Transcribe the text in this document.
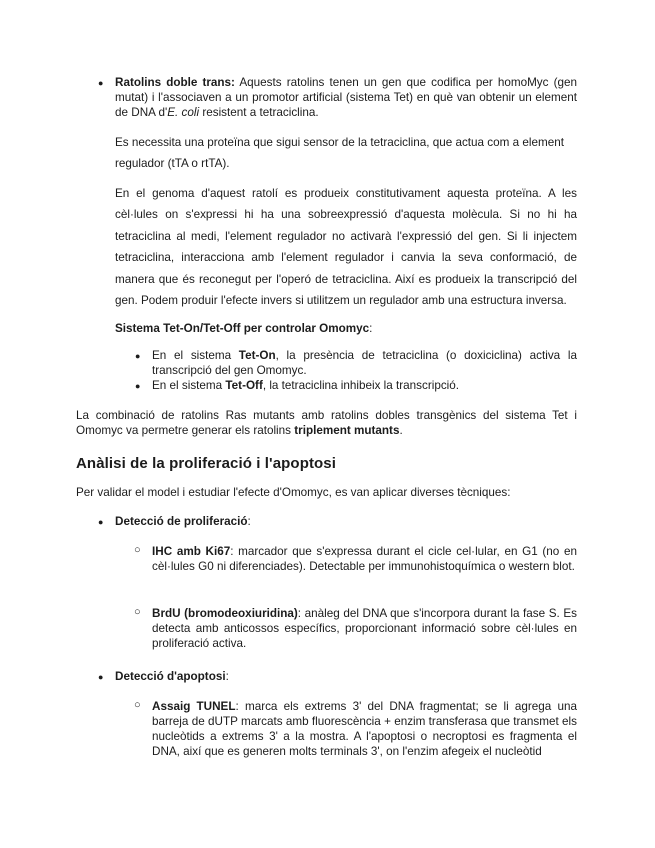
● Ratolins doble trans: Aquests ratolins tenen un gen que codifica per homoMyc (gen mutat) i l'associaven a un promotor artificial (sistema Tet) en què van obtenir un element de DNA d'E. coli resistent a tetraciclina.

Es necessita una proteïna que sigui sensor de la tetraciclina, que actua com a element regulador (tTA o rtTA).

En el genoma d'aquest ratolí es produeix constitutivament aquesta proteïna. A les cèl·lules on s'expressi hi ha una sobreexpressió d'aquesta molècula. Si no hi ha tetraciclina al medi, l'element regulador no activarà l'expressió del gen. Si li injectem tetraciclina, interacciona amb l'element regulador i canvia la seva conformació, de manera que és reconegut per l'operó de tetraciclina. Així es produeix la transcripció del gen. Podem produir l'efecte invers si utilitzem un regulador amb una estructura inversa.

Sistema Tet-On/Tet-Off per controlar Omomyc:

● En el sistema Tet-On, la presència de tetraciclina (o doxiciclina) activa la transcripció del gen Omomyc.

● En el sistema Tet-Off, la tetraciclina inhibeix la transcripció.

La combinació de ratolins Ras mutants amb ratolins dobles transgènics del sistema Tet i Omomyc va permetre generar els ratolins triplement mutants.

Anàlisi de la proliferació i l'apoptosi

Per validar el model i estudiar l'efecte d'Omomyc, es van aplicar diverses tècniques:

● Detecció de proliferació:

○ IHC amb Ki67: marcador que s'expressa durant el cicle cel·lular, en G1 (no en cèl·lules G0 ni diferenciades). Detectable per immunohistoquímica o western blot.

○ BrdU (bromodeoxiuridina): anàleg del DNA que s'incorpora durant la fase S. Es detecta amb anticossos específics, proporcionant informació sobre cèl·lules en proliferació activa.

● Detecció d'apoptosi:

○ Assaig TUNEL: marca els extrems 3' del DNA fragmentat; se li agrega una barreja de dUTP marcats amb fluorescència + enzim transferasa que transmet els nucleòtids a extrems 3' a la mostra. A l'apoptosi o necroptosi es fragmenta el DNA, així que es generen molts terminals 3', on l'enzim afegeix el nucleòtid
